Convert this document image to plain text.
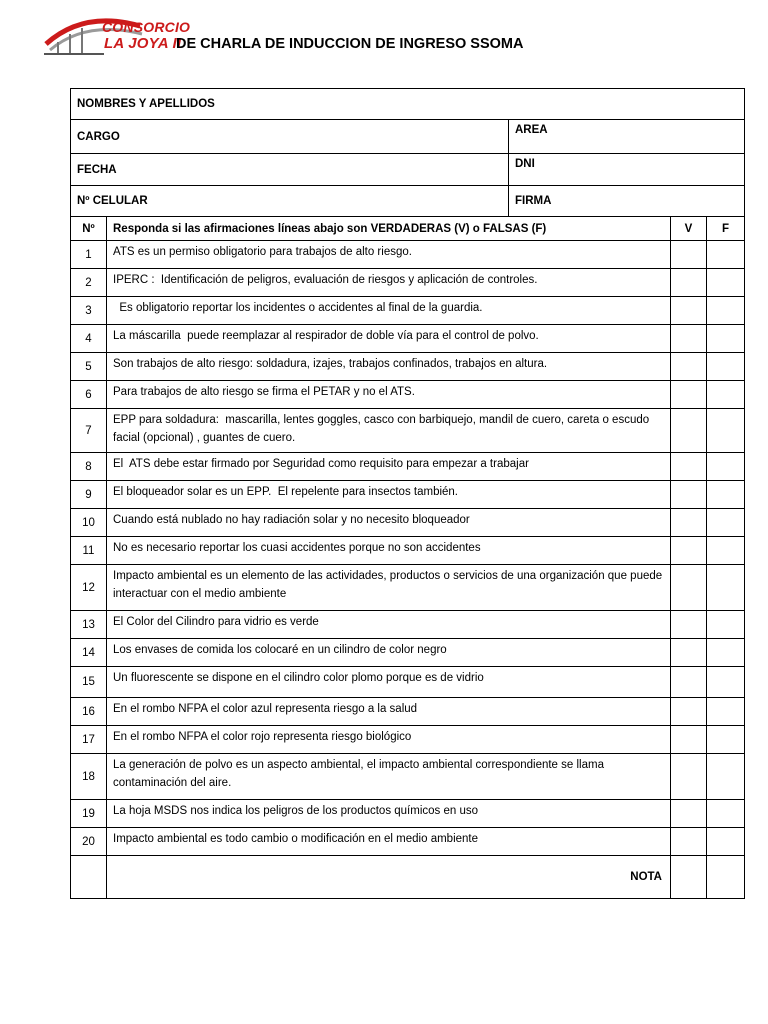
CONSORCIO
LA JOYA II
DE CHARLA DE INDUCCION DE INGRESO SSOMA
NOMBRES Y APELLIDOS				
CARGO		AREA		
FECHA		DNI		
Nº CELULAR		FIRMA		
Nº	Responda si las afirmaciones líneas abajo son VERDADERAS (V) o FALSAS (F)		V	F
1	ATS es un permiso obligatorio para trabajos de alto riesgo.			
2	IPERC :  Identificación de peligros, evaluación de riesgos y aplicación de controles.			
3	Es obligatorio reportar los incidentes o accidentes al final de la guardia.			
4	La máscarilla  puede reemplazar al respirador de doble vía para el control de polvo.			
5	Son trabajos de alto riesgo: soldadura, izajes, trabajos confinados, trabajos en altura.			
6	Para trabajos de alto riesgo se firma el PETAR y no el ATS.			
7	EPP para soldadura:  mascarilla, lentes goggles, casco con barbiquejo, mandil de cuero, careta o escudo facial (opcional) , guantes de cuero.			
8	El  ATS debe estar firmado por Seguridad como requisito para empezar a trabajar			
9	El bloqueador solar es un EPP.  El repelente para insectos también.			
10	Cuando está nublado no hay radiación solar y no necesito bloqueador			
11	No es necesario reportar los cuasi accidentes porque no son accidentes			
12	Impacto ambiental es un elemento de las actividades, productos o servicios de una organización que puede interactuar con el medio ambiente			
13	El Color del Cilindro para vidrio es verde			
14	Los envases de comida los colocaré en un cilindro de color negro			
15	Un fluorescente se dispone en el cilindro color plomo porque es de vidrio			
16	En el rombo NFPA el color azul representa riesgo a la salud			
17	En el rombo NFPA el color rojo representa riesgo biológico			
18	La generación de polvo es un aspecto ambiental, el impacto ambiental correspondiente se llama contaminación del aire.			
19	La hoja MSDS nos indica los peligros de los productos químicos en uso			
20	Impacto ambiental es todo cambio o modificación en el medio ambiente			
	NOTA			
